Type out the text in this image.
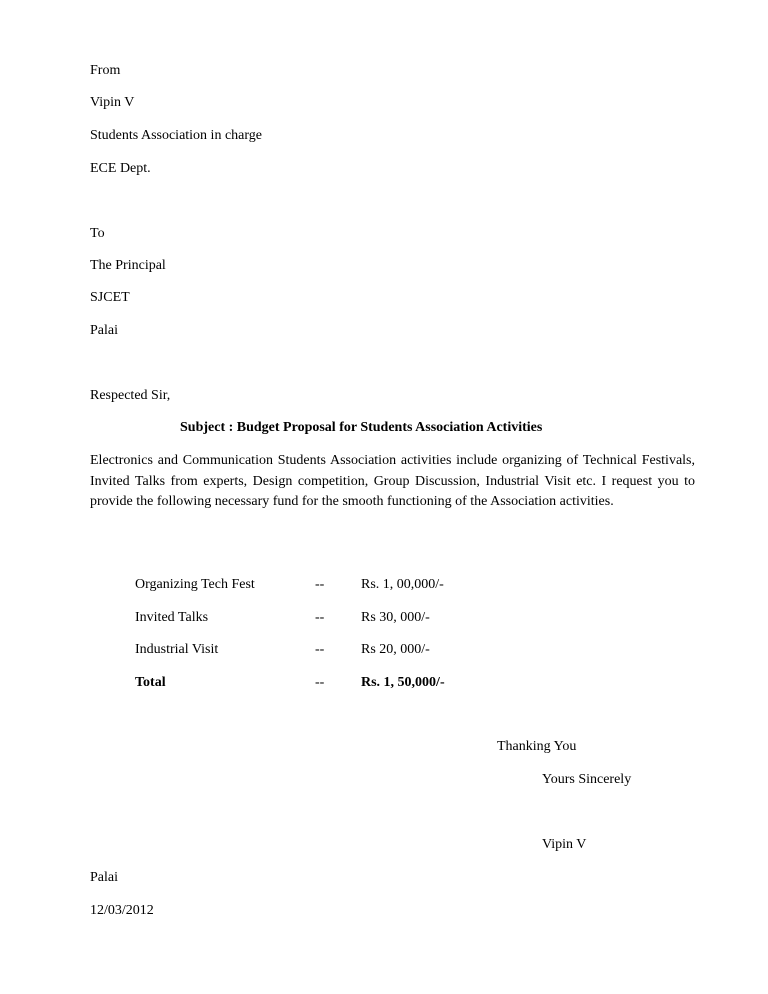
From
Vipin V
Students Association in charge
ECE Dept.
To
The Principal
SJCET
Palai
Respected Sir,
Subject : Budget Proposal for Students Association Activities
Electronics and Communication Students Association activities include organizing of Technical Festivals, Invited Talks from experts, Design competition, Group Discussion, Industrial Visit etc. I request you to provide the following necessary fund for the smooth functioning of the Association activities.
Organizing Tech Fest	--	Rs. 1, 00,000/-
Invited Talks	--	Rs 30, 000/-
Industrial Visit	--	Rs 20, 000/-
Total	--	Rs. 1, 50,000/-
Thanking You
Yours Sincerely
Vipin V
Palai
12/03/2012
